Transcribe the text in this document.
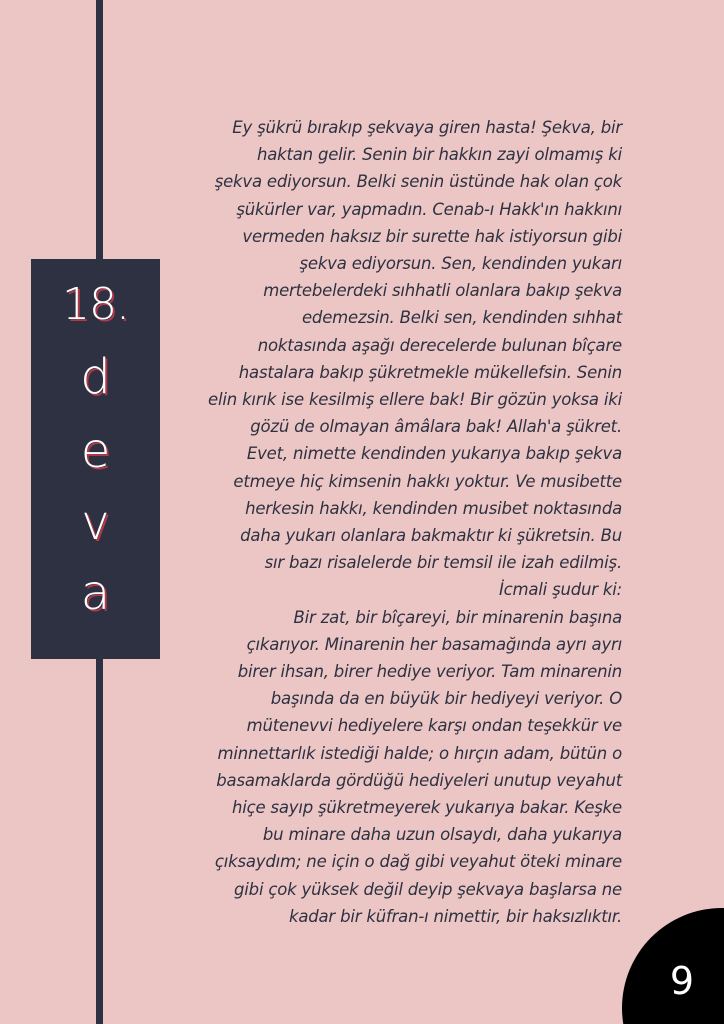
18.
d
e
v
a
Ey şükrü bırakıp şekvaya giren hasta! Şekva, bir
haktan gelir. Senin bir hakkın zayi olmamış ki
şekva ediyorsun. Belki senin üstünde hak olan çok
şükürler var, yapmadın. Cenab-ı Hakk'ın hakkını
vermeden haksız bir surette hak istiyorsun gibi
şekva ediyorsun. Sen, kendinden yukarı
mertebelerdeki sıhhatli olanlara bakıp şekva
edemezsin. Belki sen, kendinden sıhhat
noktasında aşağı derecelerde bulunan bîçare
hastalara bakıp şükretmekle mükellefsin. Senin
elin kırık ise kesilmiş ellere bak! Bir gözün yoksa iki
gözü de olmayan âmâlara bak! Allah'a şükret.
Evet, nimette kendinden yukarıya bakıp şekva
etmeye hiç kimsenin hakkı yoktur. Ve musibette
herkesin hakkı, kendinden musibet noktasında
daha yukarı olanlara bakmaktır ki şükretsin. Bu
sır bazı risalelerde bir temsil ile izah edilmiş.
İcmali şudur ki:
Bir zat, bir bîçareyi, bir minarenin başına
çıkarıyor. Minarenin her basamağında ayrı ayrı
birer ihsan, birer hediye veriyor. Tam minarenin
başında da en büyük bir hediyeyi veriyor. O
mütenevvi hediyelere karşı ondan teşekkür ve
minnettarlık istediği halde; o hırçın adam, bütün o
basamaklarda gördüğü hediyeleri unutup veyahut
hiçe sayıp şükretmeyerek yukarıya bakar. Keşke
bu minare daha uzun olsaydı, daha yukarıya
çıksaydım; ne için o dağ gibi veyahut öteki minare
gibi çok yüksek değil deyip şekvaya başlarsa ne
kadar bir küfran-ı nimettir, bir haksızlıktır.
9
